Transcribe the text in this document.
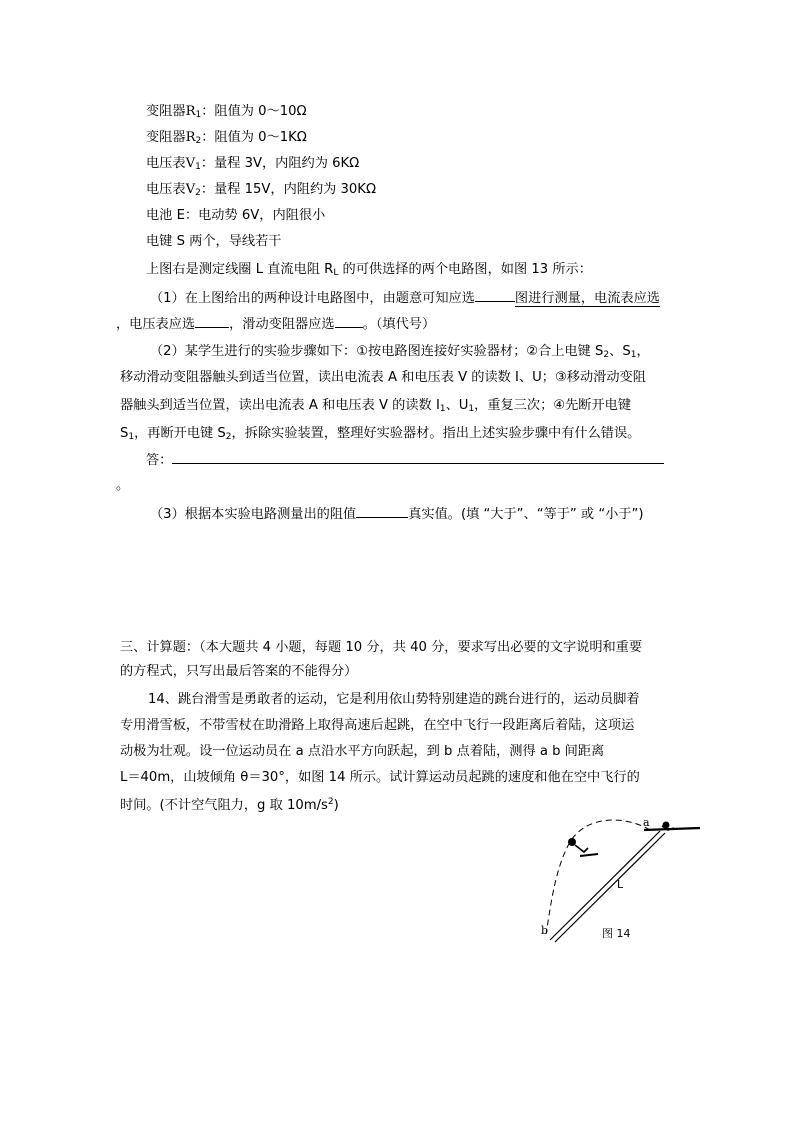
变阻器$R_1$：阻值为 0～10Ω
变阻器$R_2$：阻值为 0～1KΩ
电压表$V_1$：量程 3V，内阻约为 6KΩ
电压表$V_2$：量程 15V，内阻约为 30KΩ
电池 E：电动势 6V，内阻很小
电键 S 两个，导线若干
上图右是测定线圈 L 直流电阻 $R_L$ 的可供选择的两个电路图，如图 13 所示：
（1）在上图给出的两种设计电路图中，由题意可知应选	图进行测量，电流表应选
，电压表应选	，滑动变阻器应选 。（填代号）
（2）某学生进行的实验步骤如下：①按电路图连接好实验器材；②合上电键 $S_2$、$S_1$，
移动滑动变阻器触头到适当位置，读出电流表 A 和电压表 V 的读数 I、U；③移动滑动变阻
器触头到适当位置，读出电流表 A 和电压表 V 的读数 $I_1$、$U_1$，重复三次；④先断开电键
$S_1$，再断开电键 $S_2$，拆除实验装置，整理好实验器材。指出上述实验步骤中有什么错误。
答：
。
（3）根据本实验电路测量出的阻值	真实值。(填 “大于”、“等于” 或 “小于”)
三、计算题：（本大题共 4 小题，每题 10 分，共 40 分，要求写出必要的文字说明和重要
的方程式，只写出最后答案的不能得分）
14、跳台滑雪是勇敢者的运动，它是利用依山势特别建造的跳台进行的，运动员脚着
专用滑雪板，不带雪杖在助滑路上取得高速后起跳，在空中飞行一段距离后着陆，这项运
动极为壮观。设一位运动员在 a 点沿水平方向跃起，到 b 点着陆，测得 a b 间距离
L＝40m，山坡倾角 θ＝30°，如图 14 所示。试计算运动员起跳的速度和他在空中飞行的
时间。(不计空气阻力，g 取 $10m/s^2$)
a
b
L
图 14
